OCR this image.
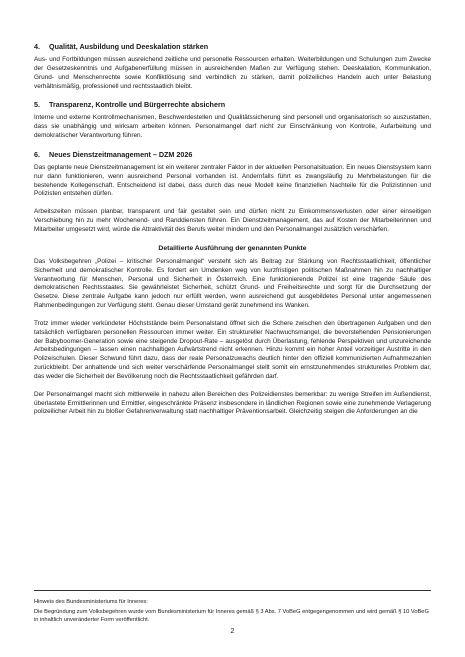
4. Qualität, Ausbildung und Deeskalation stärken

Aus- und Fortbildungen müssen ausreichend zeitliche und personelle Ressourcen erhalten. Weiterbildungen und Schulungen zum Zwecke der Gesetzeskenntnis und Aufgabenerfüllung müssen in ausreichenden Maßen zur Verfügung stehen. Deeskalation, Kommunikation, Grund- und Menschenrechte sowie Konfliktlösung sind verbindlich zu stärken, damit polizeiliches Handeln auch unter Belastung verhältnismäßig, professionell und rechtsstaatlich bleibt.

5. Transparenz, Kontrolle und Bürgerrechte absichern

Interne und externe Kontrollmechanismen, Beschwerdestellen und Qualitätssicherung sind personell und organisatorisch so auszustatten, dass sie unabhängig und wirksam arbeiten können. Personalmangel darf nicht zur Einschränkung von Kontrolle, Aufarbeitung und demokratischer Verantwortung führen.

6. Neues Dienstzeitmanagement – DZM 2026

Das geplante neue Dienstzeitmanagement ist ein weiterer zentraler Faktor in der aktuellen Personalsituation. Ein neues Dienstsystem kann nur dann funktionieren, wenn ausreichend Personal vorhanden ist. Andernfalls führt es zwangsläufig zu Mehrbelastungen für die bestehende Kollegenschaft. Entscheidend ist dabei, dass durch das neue Modell keine finanziellen Nachteile für die Polizistinnen und Polizisten entstehen dürfen.

Arbeitszeiten müssen planbar, transparent und fair gestaltet sein und dürfen nicht zu Einkommensverlusten oder einer einseitigen Verschiebung hin zu mehr Wochenend- und Randdiensten führen. Ein Dienstzeitmanagement, das auf Kosten der Mitarbeiterinnen und Mitarbeiter umgesetzt wird, würde die Attraktivität des Berufs weiter mindern und den Personalmangel zusätzlich verschärfen.

Detaillierte Ausführung der genannten Punkte

Das Volksbegehren „Polizei – kritischer Personalmangel“ versteht sich als Beitrag zur Stärkung von Rechtsstaatlichkeit, öffentlicher Sicherheit und demokratischer Kontrolle. Es fordert ein Umdenken weg von kurzfristigen politischen Maßnahmen hin zu nachhaltiger Verantwortung für Menschen, Personal und Sicherheit in Österreich. Eine funktionierende Polizei ist eine tragende Säule des demokratischen Rechtsstaates. Sie gewährleistet Sicherheit, schützt Grund- und Freiheitsrechte und sorgt für die Durchsetzung der Gesetze. Diese zentrale Aufgabe kann jedoch nur erfüllt werden, wenn ausreichend gut ausgebildetes Personal unter angemessenen Rahmenbedingungen zur Verfügung steht. Genau dieser Umstand gerät zunehmend ins Wanken.

Trotz immer wieder verkündeter Höchststände beim Personalstand öffnet sich die Schere zwischen den übertragenen Aufgaben und den tatsächlich verfügbaren personellen Ressourcen immer weiter. Ein struktureller Nachwuchsmangel, die bevorstehenden Pensionierungen der Babyboomer-Generation sowie eine steigende Dropout-Rate – ausgelöst durch Überlastung, fehlende Perspektiven und unzureichende Arbeitsbedingungen – lassen einen nachhaltigen Aufwärtstrend nicht erkennen. Hinzu kommt ein hoher Anteil vorzeitiger Austritte in den Polizeischulen. Dieser Schwund führt dazu, dass der reale Personalzuwachs deutlich hinter den offiziell kommunizierten Aufnahmezahlen zurückbleibt. Der anhaltende und sich weiter verschärfende Personalmangel stellt somit ein ernstzunehmendes strukturelles Problem dar, das weder die Sicherheit der Bevölkerung noch die Rechtsstaatlichkeit gefährden darf.

Der Personalmangel macht sich mittlerweile in nahezu allen Bereichen des Polizeidienstes bemerkbar: zu wenige Streifen im Außendienst, überlastete Ermittlerinnen und Ermittler, eingeschränkte Präsenz insbesondere in ländlichen Regionen sowie eine zunehmende Verlagerung polizeilicher Arbeit hin zu bloßer Gefahrenverwaltung statt nachhaltiger Präventionsarbeit. Gleichzeitig steigen die Anforderungen an die

Hinweis des Bundesministeriums für Inneres:
Die Begründung zum Volksbegehren wurde vom Bundesministerium für Inneres gemäß § 3 Abs. 7 VoBeG entgegengenommen und wird gemäß § 10 VoBeG in inhaltlich unveränderter Form veröffentlicht.
2
